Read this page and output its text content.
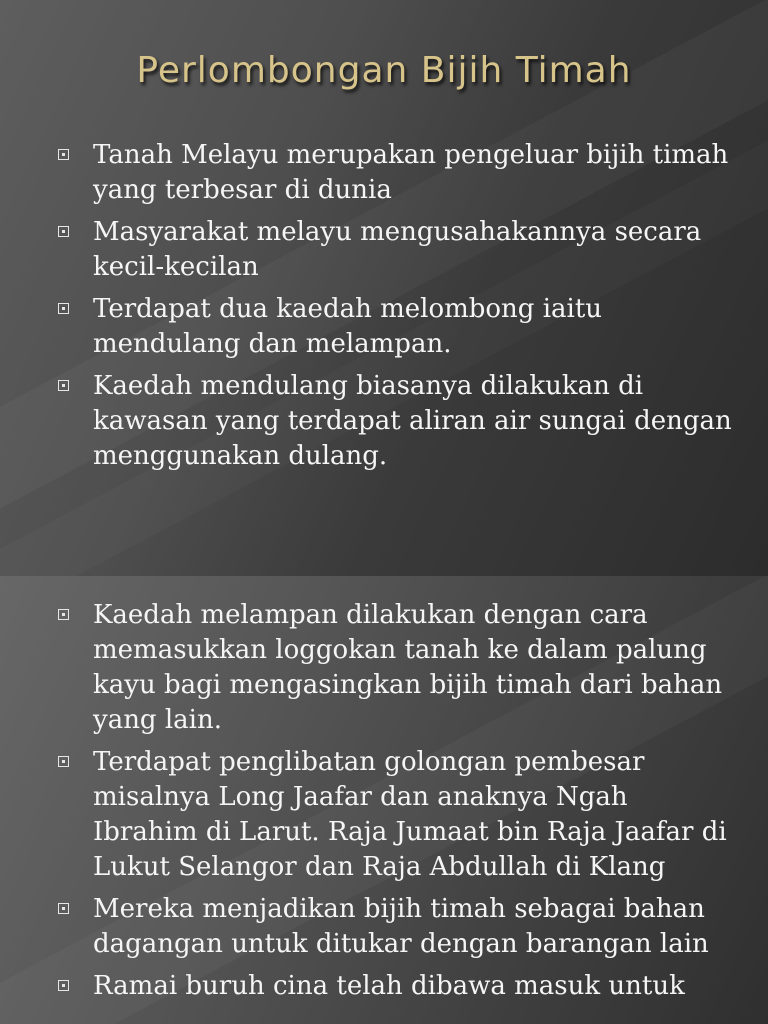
Perlombongan Bijih Timah
Tanah Melayu merupakan pengeluar bijih timah yang terbesar di dunia
Masyarakat melayu mengusahakannya secara kecil-kecilan
Terdapat dua kaedah melombong iaitu mendulang dan melampan.
Kaedah mendulang biasanya dilakukan di kawasan yang terdapat aliran air sungai dengan menggunakan dulang.
Kaedah melampan dilakukan dengan cara memasukkan loggokan tanah ke dalam palung kayu bagi mengasingkan bijih timah dari bahan yang lain.
Terdapat penglibatan golongan pembesar misalnya Long Jaafar dan anaknya Ngah Ibrahim di Larut. Raja Jumaat bin Raja Jaafar di Lukut Selangor dan Raja Abdullah di Klang
Mereka menjadikan bijih timah sebagai bahan dagangan untuk ditukar dengan barangan lain
Ramai buruh cina telah dibawa masuk untuk
